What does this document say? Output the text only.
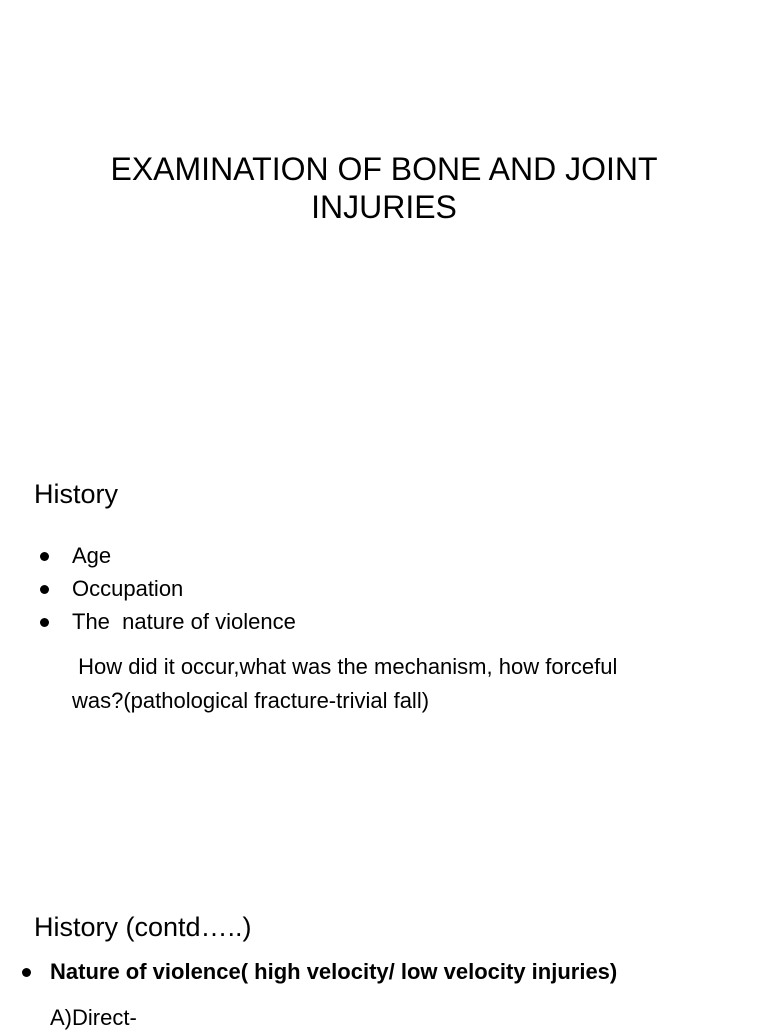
EXAMINATION OF BONE AND JOINT
INJURIES
History
Age
Occupation
The  nature of violence
How did it occur,what was the mechanism, how forceful
was?(pathological fracture-trivial fall)
History (contd…..)
Nature of violence( high velocity/ low velocity injuries)
A)Direct-
